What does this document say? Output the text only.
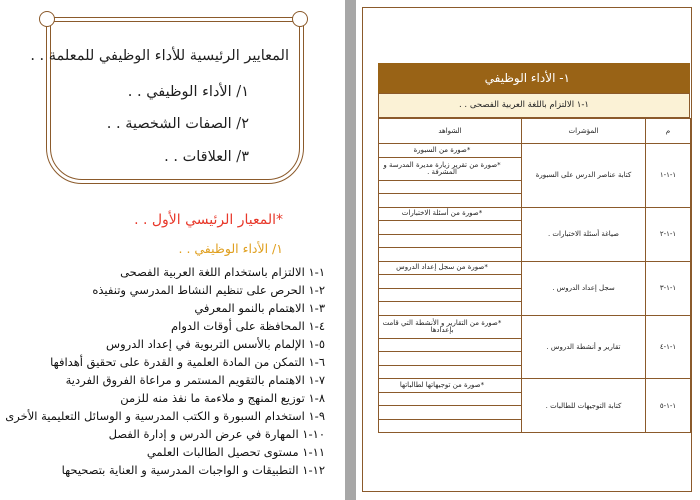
المعايير الرئيسية للأداء الوظيفي للمعلمة . .
١/ الأداء الوظيفي . .
٢/ الصفات الشخصية . .
٣/ العلاقات . .
*المعيار الرئيسي الأول . .
١/ الأداء الوظيفي . .
١-١ الالتزام باستخدام اللغة العربية الفصحى
٢-١ الحرص على تنظيم النشاط المدرسي وتنفيذه
٣-١ الاهتمام بالنمو المعرفي
٤-١ المحافظة على أوقات الدوام
٥-١ الإلمام بالأسس التربوية في إعداد الدروس
٦-١ التمكن من المادة العلمية و القدرة على تحقيق أهدافها
٧-١ الاهتمام بالتقويم المستمر و مراعاة الفروق الفردية
٨-١ توزيع المنهج و ملاءمة ما نفذ منه للزمن
٩-١ استخدام السبورة و الكتب المدرسية و الوسائل التعليمية الأخرى
١٠-١ المهارة في عرض الدرس و إدارة الفصل
١١-١ مستوى تحصيل الطالبات العلمي
١٢-١ التطبيقات و الواجبات المدرسية و العناية بتصحيحها
١- الأداء الوظيفي
١-١ الالتزام باللغة العربية الفصحى . .
الشواهد	المؤشرات	م
*صورة من السبورة	كتابة عناصر الدرس على السبورة	١-١-١
*صورة من تقرير زيارة مديرة المدرسة و المشرفة .		

*صورة من أسئلة الاختبارات	صياغة أسئلة الاختبارات .	١-١-٢

*صورة من سجل إعداد الدروس	سجل إعداد الدروس .	١-١-٣

*صورة من التقارير و الأنشطة التي قامت بإعدادها	تقارير و أنشطة الدروس .	١-١-٤

*صورة من توجيهاتها لطالباتها	كتابة التوجيهات للطالبات .	١-١-٥
